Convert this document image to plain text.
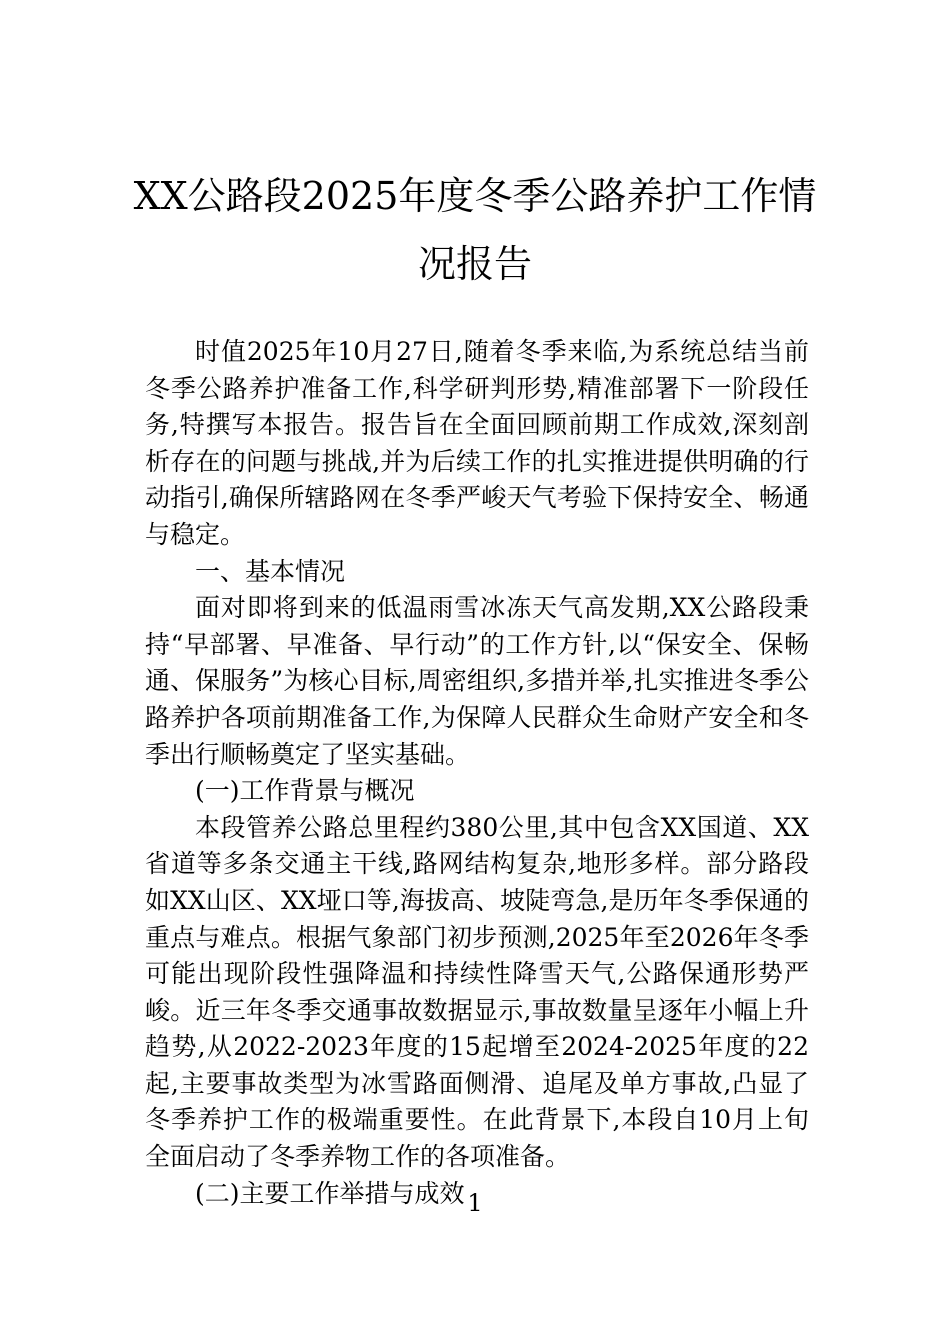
XX公路段2025年度冬季公路养护工作情
况报告

时值2025年10月27日,随着冬季来临,为系统总结当前冬季公路养护准备工作,科学研判形势,精准部署下一阶段任务,特撰写本报告。报告旨在全面回顾前期工作成效,深刻剖析存在的问题与挑战,并为后续工作的扎实推进提供明确的行动指引,确保所辖路网在冬季严峻天气考验下保持安全、畅通与稳定。

一、基本情况

面对即将到来的低温雨雪冰冻天气高发期,XX公路段秉持“早部署、早准备、早行动”的工作方针,以“保安全、保畅通、保服务”为核心目标,周密组织,多措并举,扎实推进冬季公路养护各项前期准备工作,为保障人民群众生命财产安全和冬季出行顺畅奠定了坚实基础。

(一)工作背景与概况

本段管养公路总里程约380公里,其中包含XX国道、XX省道等多条交通主干线,路网结构复杂,地形多样。部分路段如XX山区、XX垭口等,海拔高、坡陡弯急,是历年冬季保通的重点与难点。根据气象部门初步预测,2025年至2026年冬季可能出现阶段性强降温和持续性降雪天气,公路保通形势严峻。近三年冬季交通事故数据显示,事故数量呈逐年小幅上升趋势,从2022-2023年度的15起增至2024-2025年度的22起,主要事故类型为冰雪路面侧滑、追尾及单方事故,凸显了冬季养护工作的极端重要性。在此背景下,本段自10月上旬全面启动了冬季养物工作的各项准备。

(二)主要工作举措与成效 1
